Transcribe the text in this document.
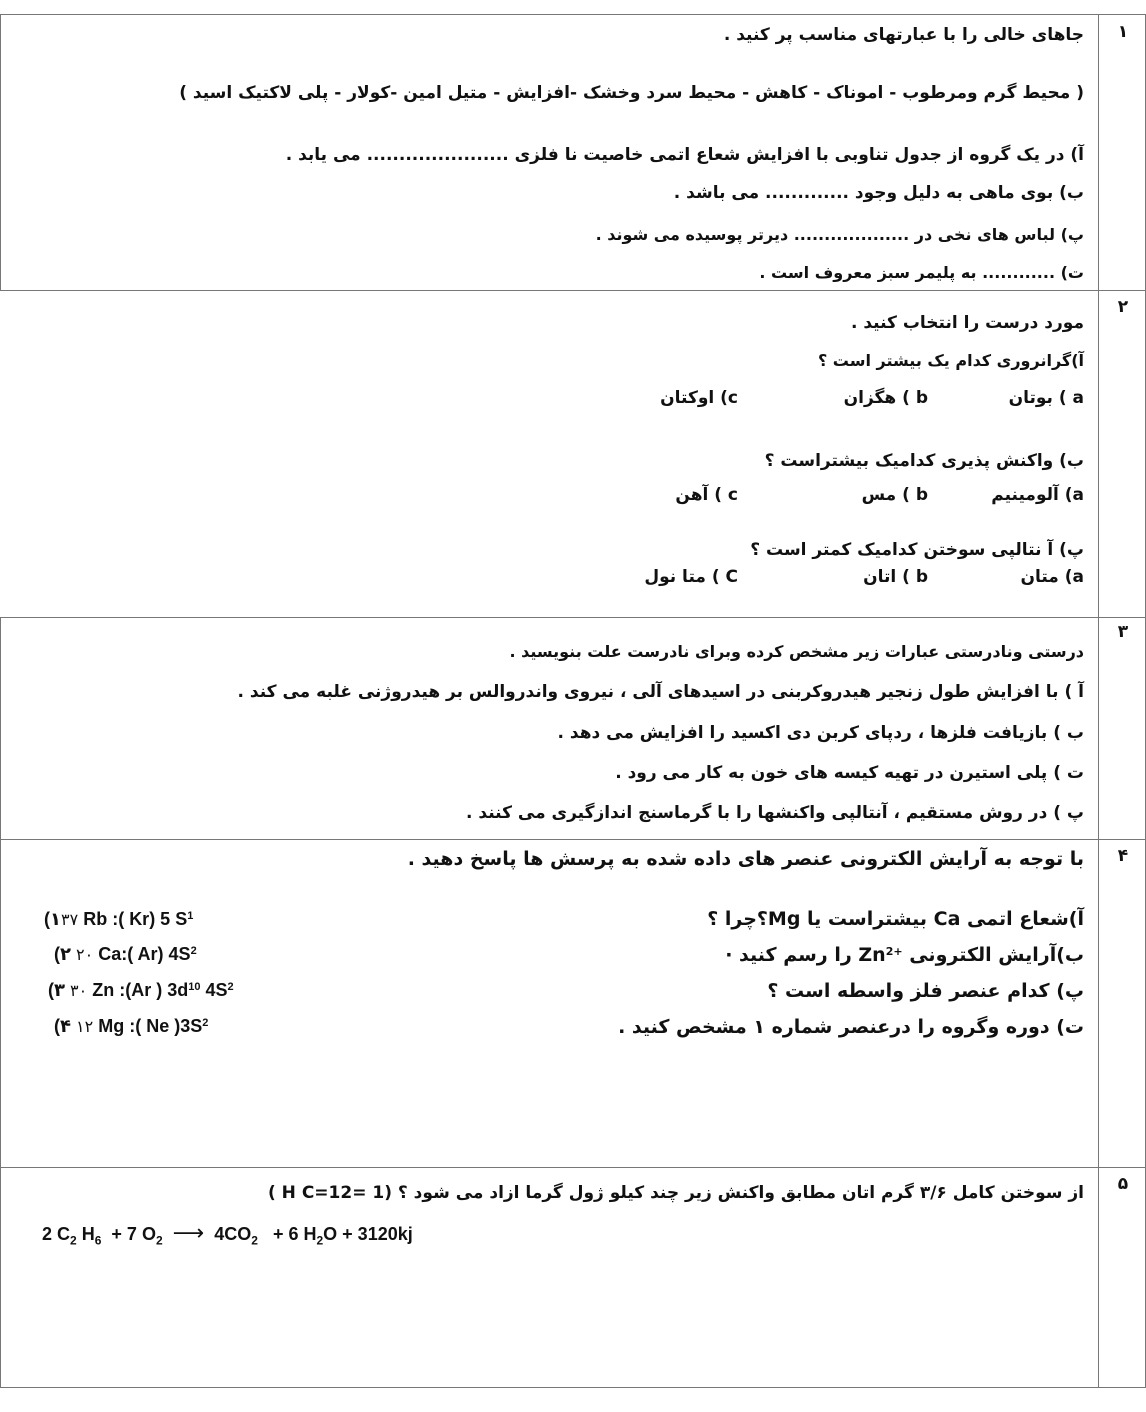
۱
جاهای خالی را با عبارتهای مناسب پر کنید .
( محیط گرم ومرطوب - اموناک - کاهش - محیط سرد وخشک -افزایش - متیل امین -کولار - پلی لاکتیک اسید )
آ) در یک گروه از جدول تناوبی با افزایش شعاع اتمی خاصیت نا فلزی ...................... می یابد .
ب) بوی ماهی به دلیل وجود ............. می باشد .
پ) لباس های نخی در ................... دیرتر پوسیده می شوند .
ت) ............ به پلیمر سبز معروف است .
۲
مورد درست را انتخاب کنید .
آ)گرانروری کدام یک بیشتر است ؟
a ) بوتان
b ) هگزان
c) اوکتان
ب) واکنش پذیری کدامیک بیشتراست ؟
a) آلومینیم
b ) مس
c ) آهن
پ) آ نتالپی سوختن کدامیک کمتر است ؟
a) متان
b ) اتان
C ) متا نول
۳
درستی ونادرستی عبارات زیر مشخص کرده وبرای نادرست علت بنویسید .
آ ) با افزایش طول زنجیر هیدروکربنی در اسیدهای آلی ، نیروی واندروالس بر هیدروژنی غلبه می کند .
ب ) بازیافت فلزها ، ردپای کربن دی اکسید را افزایش می دهد .
ت ) پلی استیرن در تهیه کیسه های خون به کار می رود .
پ ) در روش مستقیم ، آنتالپی واکنشها را با گرماسنج اندازگیری می کنند .
۴
با توجه به آرایش الکترونی عنصر های داده شده به پرسش ها پاسخ دهید .
آ)شعاع اتمی Ca بیشتراست یا Mg؟چرا ؟
ب)آرایش الکترونی $Zn^{2+}$ را رسم کنید ·
پ) کدام عنصر فلز واسطه است ؟
ت) دوره وگروه را درعنصر شماره ۱ مشخص کنید .
۱)۳۷ Rb :( Kr) 5 $S^1$
۲) ۲۰ Ca:( Ar) $4S^2$
۳) ۳۰ Zn :(Ar ) $3d^{10}$ $4S^2$
۴) ۱۲ Mg :( Ne )$3S^2$
۵
از سوختن کامل ۳/۶ گرم اتان مطابق واکنش زیر چند کیلو ژول گرما ازاد می شود ؟ (1 =H C=12 )
2 $C_2$ $H_6 + 7$ $O_2$ ⟶ $4CO_2 + 6$ $H_2O + 3120kj$
